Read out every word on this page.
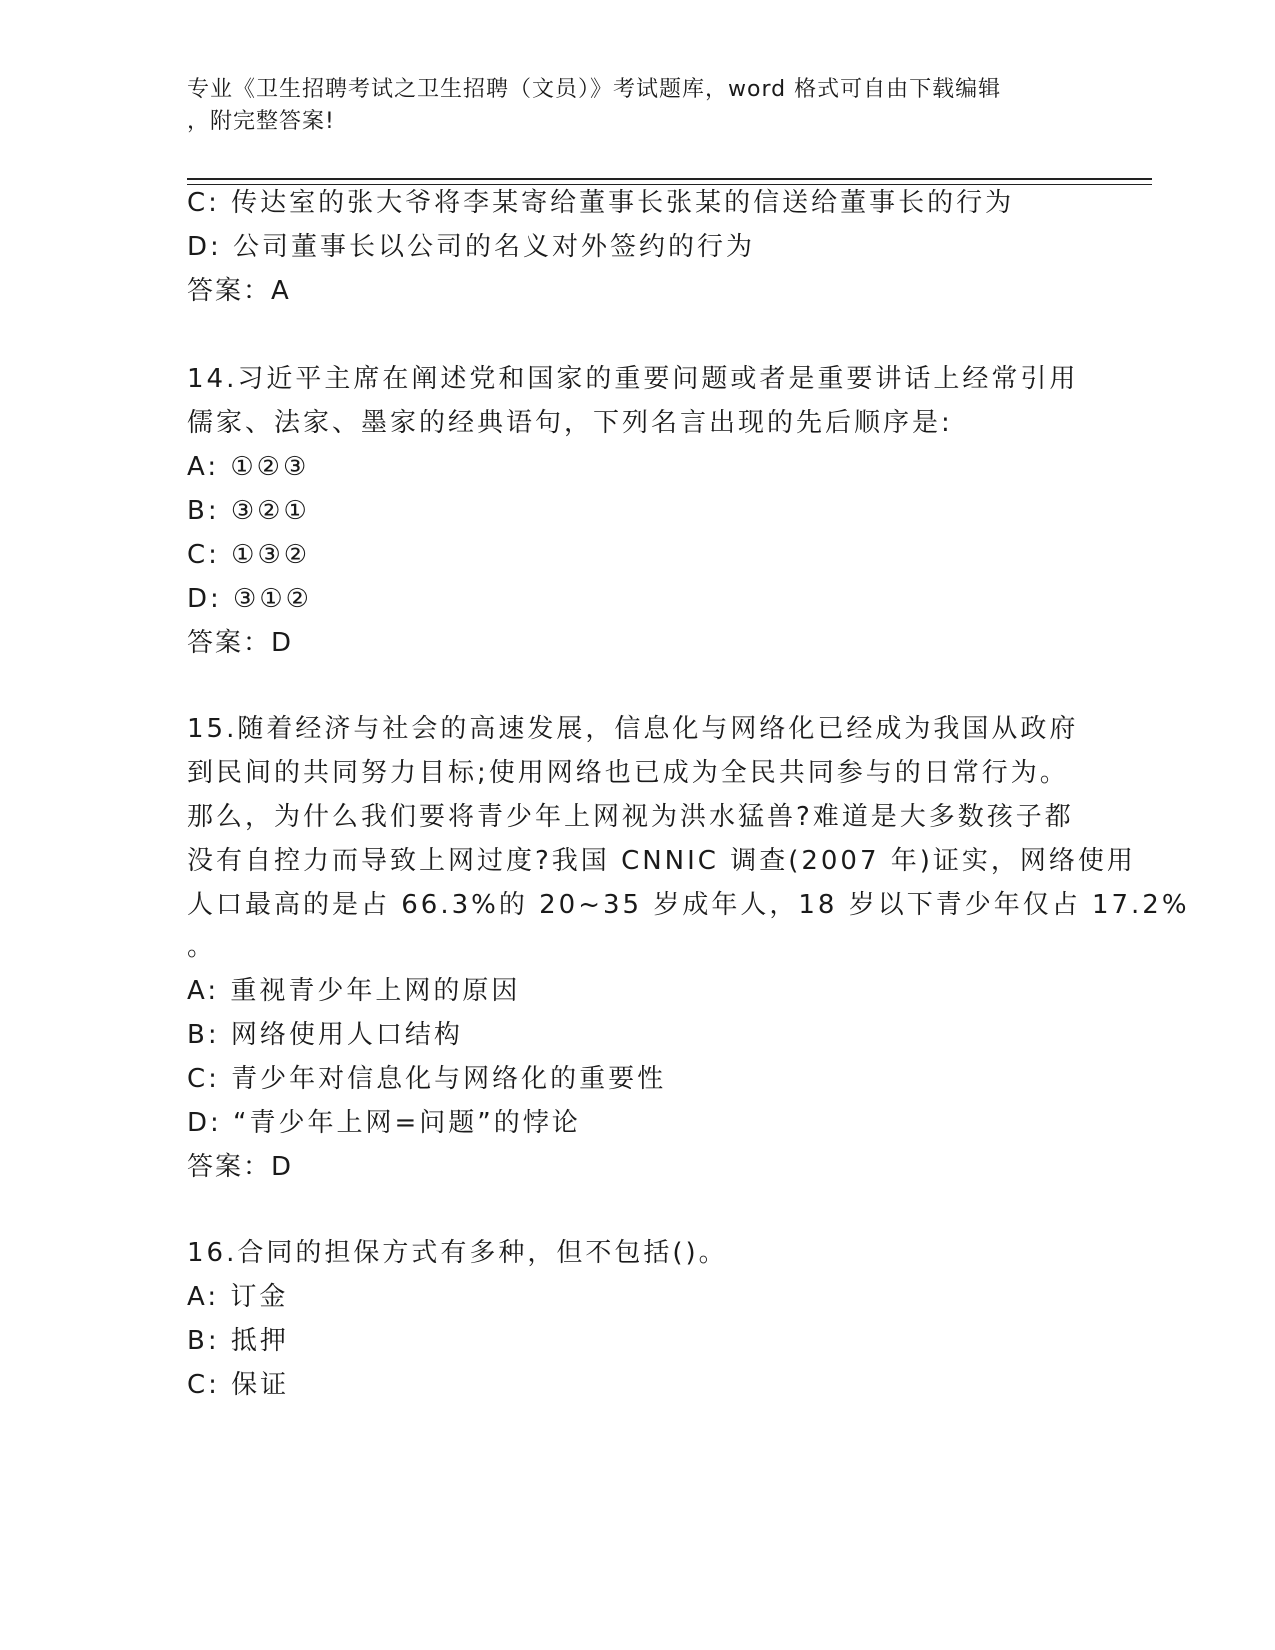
专业《卫生招聘考试之卫生招聘（文员）》考试题库，word 格式可自由下载编辑
，附完整答案!
C: 传达室的张大爷将李某寄给董事长张某的信送给董事长的行为
D: 公司董事长以公司的名义对外签约的行为
答案：A
14.习近平主席在阐述党和国家的重要问题或者是重要讲话上经常引用
儒家、法家、墨家的经典语句，下列名言出现的先后顺序是:
A: ①②③
B: ③②①
C: ①③②
D: ③①②
答案：D
15.随着经济与社会的高速发展，信息化与网络化已经成为我国从政府
到民间的共同努力目标;使用网络也已成为全民共同参与的日常行为。
那么，为什么我们要将青少年上网视为洪水猛兽?难道是大多数孩子都
没有自控力而导致上网过度?我国 CNNIC 调查(2007 年)证实，网络使用
人口最高的是占 66.3%的 20~35 岁成年人，18 岁以下青少年仅占 17.2%
。
A: 重视青少年上网的原因
B: 网络使用人口结构
C: 青少年对信息化与网络化的重要性
D: “青少年上网=问题”的悖论
答案：D
16.合同的担保方式有多种，但不包括()。
A: 订金
B: 抵押
C: 保证
